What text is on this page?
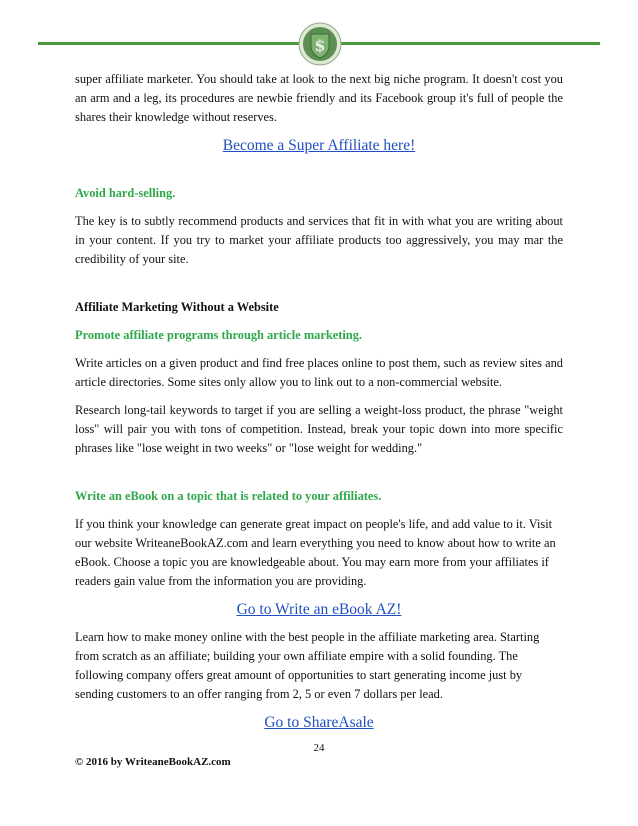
$

super affiliate marketer. You should take at look to the next big niche program. It doesn't cost you an arm and a leg, its procedures are newbie friendly and its Facebook group it's full of people the shares their knowledge without reserves.

Become a Super Affiliate here!
Avoid hard-selling.

The key is to subtly recommend products and services that fit in with what you are writing about in your content. If you try to market your affiliate products too aggressively, you may mar the credibility of your site.

Affiliate Marketing Without a Website
Promote affiliate programs through article marketing.

Write articles on a given product and find free places online to post them, such as review sites and article directories. Some sites only allow you to link out to a non-commercial website.

Research long-tail keywords to target if you are selling a weight-loss product, the phrase "weight loss" will pair you with tons of competition. Instead, break your topic down into more specific phrases like "lose weight in two weeks" or "lose weight for wedding."

Write an eBook on a topic that is related to your affiliates.

If you think your knowledge can generate great impact on people's life, and add value to it. Visit our website WriteaneBookAZ.com and learn everything you need to know about how to write an eBook. Choose a topic you are knowledgeable about. You may earn more from your affiliates if readers gain value from the information you are providing.

Go to Write an eBook AZ!

Learn how to make money online with the best people in the affiliate marketing area. Starting from scratch as an affiliate; building your own affiliate empire with a solid founding. The following company offers great amount of opportunities to start generating income just by sending customers to an offer ranging from 2, 5 or even 7 dollars per lead.

Go to ShareAsale
24
© 2016 by WriteaneBookAZ.com
